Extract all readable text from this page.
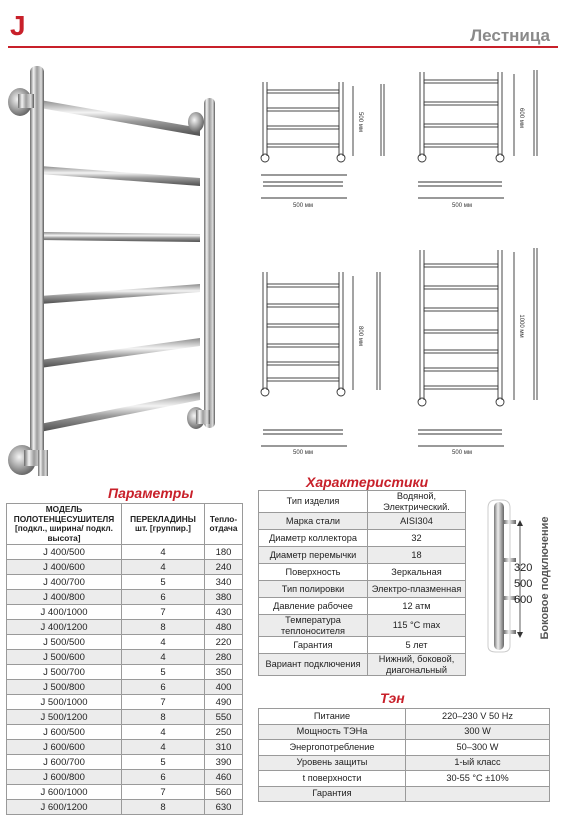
J	Лестница
500 мм
500 мм
600 мм
500 мм
800 мм
500 мм
1000 мм
500 мм
Параметры
МОДЕЛЬ ПОЛОТЕНЦЕСУШИТЕЛЯ [подкл., ширина/ подкл. высота]	ПЕРЕКЛАДИНЫ шт. [группир.]	Тепло-отдача
J 400/500	4	180
J 400/600	4	240
J 400/700	5	340
J 400/800	6	380
J 400/1000	7	430
J 400/1200	8	480
J 500/500	4	220
J 500/600	4	280
J 500/700	5	350
J 500/800	6	400
J 500/1000	7	490
J 500/1200	8	550
J 600/500	4	250
J 600/600	4	310
J 600/700	5	390
J 600/800	6	460
J 600/1000	7	560
J 600/1200	8	630
Характеристики
Тип изделия	Водяной, Электрический.
Марка стали	AISI304
Диаметр коллектора	32
Диаметр перемычки	18
Поверхность	Зеркальная
Тип полировки	Электро-плазменная
Давление рабочее	12 атм
Температура теплоносителя	115 °С max
Гарантия	5 лет
Вариант подключения	Нижний, боковой, диагональный
320
500
600 Боковое подключение
Тэн
Питание	220–230 V 50 Hz
Мощность ТЭНа	300 W
Энергопотребление	50–300 W
Уровень защиты	1-ый класс
t поверхности	30-55 °С ±10%
Гарантия	
